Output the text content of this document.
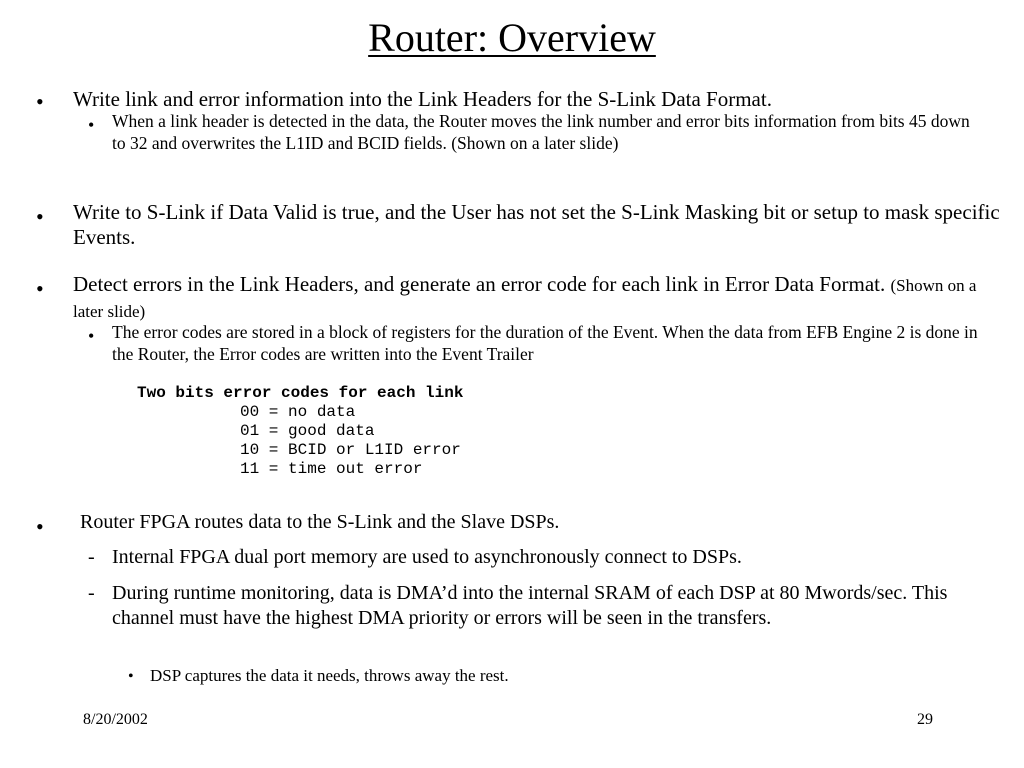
Router: Overview
• Write link and error information into the Link Headers for the S-Link Data Format.
• When a link header is detected in the data, the Router moves the link number and error bits information from bits 45 down to 32 and overwrites the L1ID and BCID fields. (Shown on a later slide)
• Write to S-Link if Data Valid is true, and the User has not set the S-Link Masking bit or setup to mask specific Events.
• Detect errors in the Link Headers, and generate an error code for each link in Error Data Format. (Shown on a later slide)
• The error codes are stored in a block of registers for the duration of the Event. When the data from EFB Engine 2 is done in the Router, the Error codes are written into the Event Trailer
Two bits error codes for each link
00 = no data
01 = good data
10 = BCID or L1ID error
11 = time out error
• Router FPGA routes data to the S-Link and the Slave DSPs.
- Internal FPGA dual port memory are used to asynchronously connect to DSPs.
- During runtime monitoring, data is DMA’d into the internal SRAM of each DSP at 80 Mwords/sec. This channel must have the highest DMA priority or errors will be seen in the transfers.
• DSP captures the data it needs, throws away the rest.
8/20/2002	29
